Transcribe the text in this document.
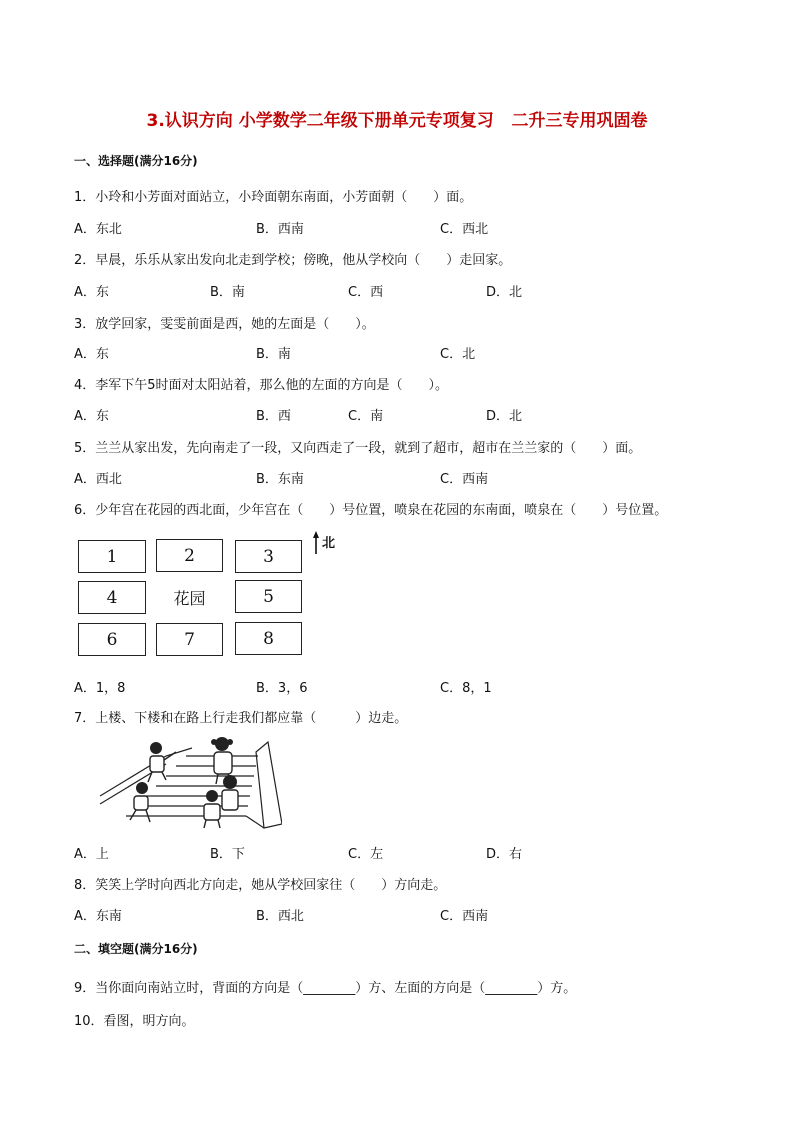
3.认识方向 小学数学二年级下册单元专项复习   二升三专用巩固卷
一、选择题(满分16分)
1．小玲和小芳面对面站立，小玲面朝东南面，小芳面朝（　　）面。
A．东北	B．西南	C．西北
2．早晨，乐乐从家出发向北走到学校；傍晚，他从学校向（　　）走回家。
A．东	B．南	C．西	D．北
3．放学回家，雯雯前面是西，她的左面是（　　）。
A．东	B．南	C．北
4．李军下午5时面对太阳站着，那么他的左面的方向是（　　）。
A．东	B．西	C．南	D．北
5．兰兰从家出发，先向南走了一段，又向西走了一段，就到了超市，超市在兰兰家的（　　）面。
A．西北	B．东南	C．西南
6．少年宫在花园的西北面，少年宫在（　　）号位置，喷泉在花园的东南面，喷泉在（　　）号位置。
1	2	3
4	花园	5
6	7	8
北
A．1，8	B．3，6	C．8，1
7．上楼、下楼和在路上行走我们都应靠（　　　）边走。
A．上	B．下	C．左	D．右
8．笑笑上学时向西北方向走，她从学校回家往（　　）方向走。
A．东南	B．西北	C．西南
二、填空题(满分16分)
9．当你面向南站立时，背面的方向是（________）方、左面的方向是（________）方。
10．看图，明方向。
